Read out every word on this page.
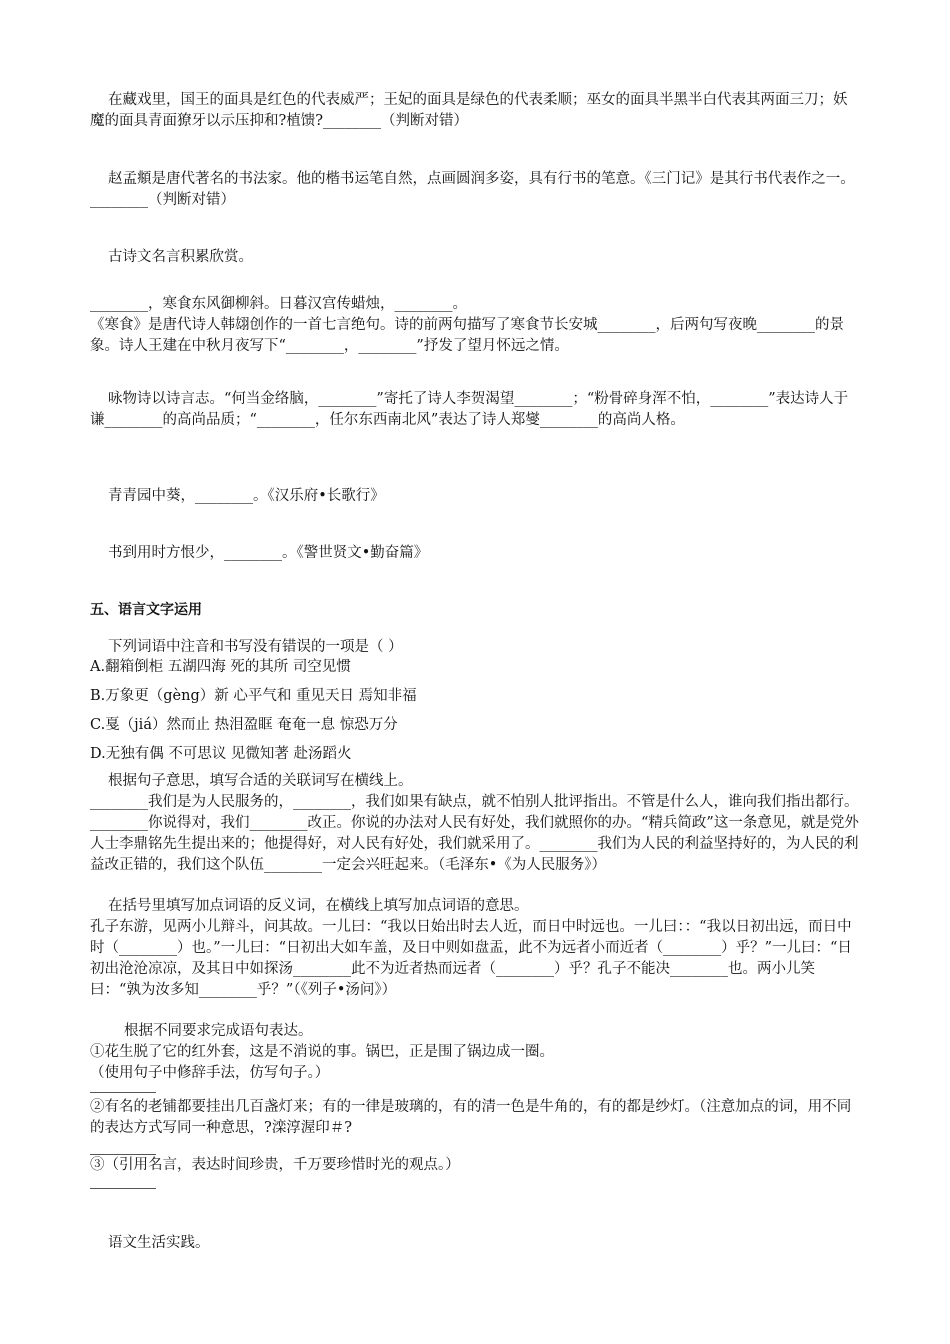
在藏戏里，国王的面具是红色的代表威严；王妃的面具是绿色的代表柔顺；巫女的面具半黑半白代表其两面三刀；妖魔的面具青面獠牙以示压抑和?植馈?________（判断对错）

赵孟頫是唐代著名的书法家。他的楷书运笔自然，点画圆润多姿，具有行书的笔意。《三门记》是其行书代表作之一。________（判断对错）

古诗文名言积累欣赏。

________，寒食东风御柳斜。日暮汉宫传蜡烛，________。

《寒食》是唐代诗人韩翃创作的一首七言绝句。诗的前两句描写了寒食节长安城________，后两句写夜晚________的景象。诗人王建在中秋月夜写下“________，________”抒发了望月怀远之情。

咏物诗以诗言志。“何当金络脑，________”寄托了诗人李贺渴望________；“粉骨碎身浑不怕，________”表达诗人于谦________的高尚品质；“________，任尔东西南北风”表达了诗人郑燮________的高尚人格。

青青园中葵，________。《汉乐府•长歌行》

书到用时方恨少，________。《警世贤文•勤奋篇》

五、语言文字运用

下列词语中注音和书写没有错误的一项是（ ）

A.翻箱倒柜 五湖四海 死的其所 司空见惯

B.万象更（gèng）新 心平气和 重见天日 焉知非福

C.戛（jiá）然而止 热泪盈眶 奄奄一息 惊恐万分

D.无独有偶 不可思议 见微知著 赴汤蹈火

根据句子意思，填写合适的关联词写在横线上。

________我们是为人民服务的，________，我们如果有缺点，就不怕别人批评指出。不管是什么人，谁向我们指出都行。________你说得对，我们________改正。你说的办法对人民有好处，我们就照你的办。“精兵简政”这一条意见，就是党外人士李鼎铭先生提出来的；他提得好，对人民有好处，我们就采用了。________我们为人民的利益坚持好的，为人民的利益改正错的，我们这个队伍________一定会兴旺起来。（毛泽东•《为人民服务》）

在括号里填写加点词语的反义词，在横线上填写加点词语的意思。

孔子东游，见两小儿辩斗，问其故。一儿曰：“我以日始出时去人近，而日中时远也。一儿曰：：“我以日初出远，而日中时（________）也。”一儿曰：“日初出大如车盖，及日中则如盘盂，此不为远者小而近者（________）乎？”一儿曰：“日初出沧沧凉凉，及其日中如探汤________此不为近者热而远者（________）乎？孔子不能决________也。两小儿笑曰：“孰为汝多知________乎？”（《列子•汤问》）

根据不同要求完成语句表达。

①花生脱了它的红外套，这是不消说的事。锅巴，正是围了锅边成一圈。

（使用句子中修辞手法，仿写句子。）

②有名的老铺都要挂出几百盏灯来；有的一律是玻璃的，有的清一色是牛角的，有的都是纱灯。（注意加点的词，用不同的表达方式写同一种意思，?滦淳渥印＃?

③（引用名言，表达时间珍贵，千万要珍惜时光的观点。）

语文生活实践。
